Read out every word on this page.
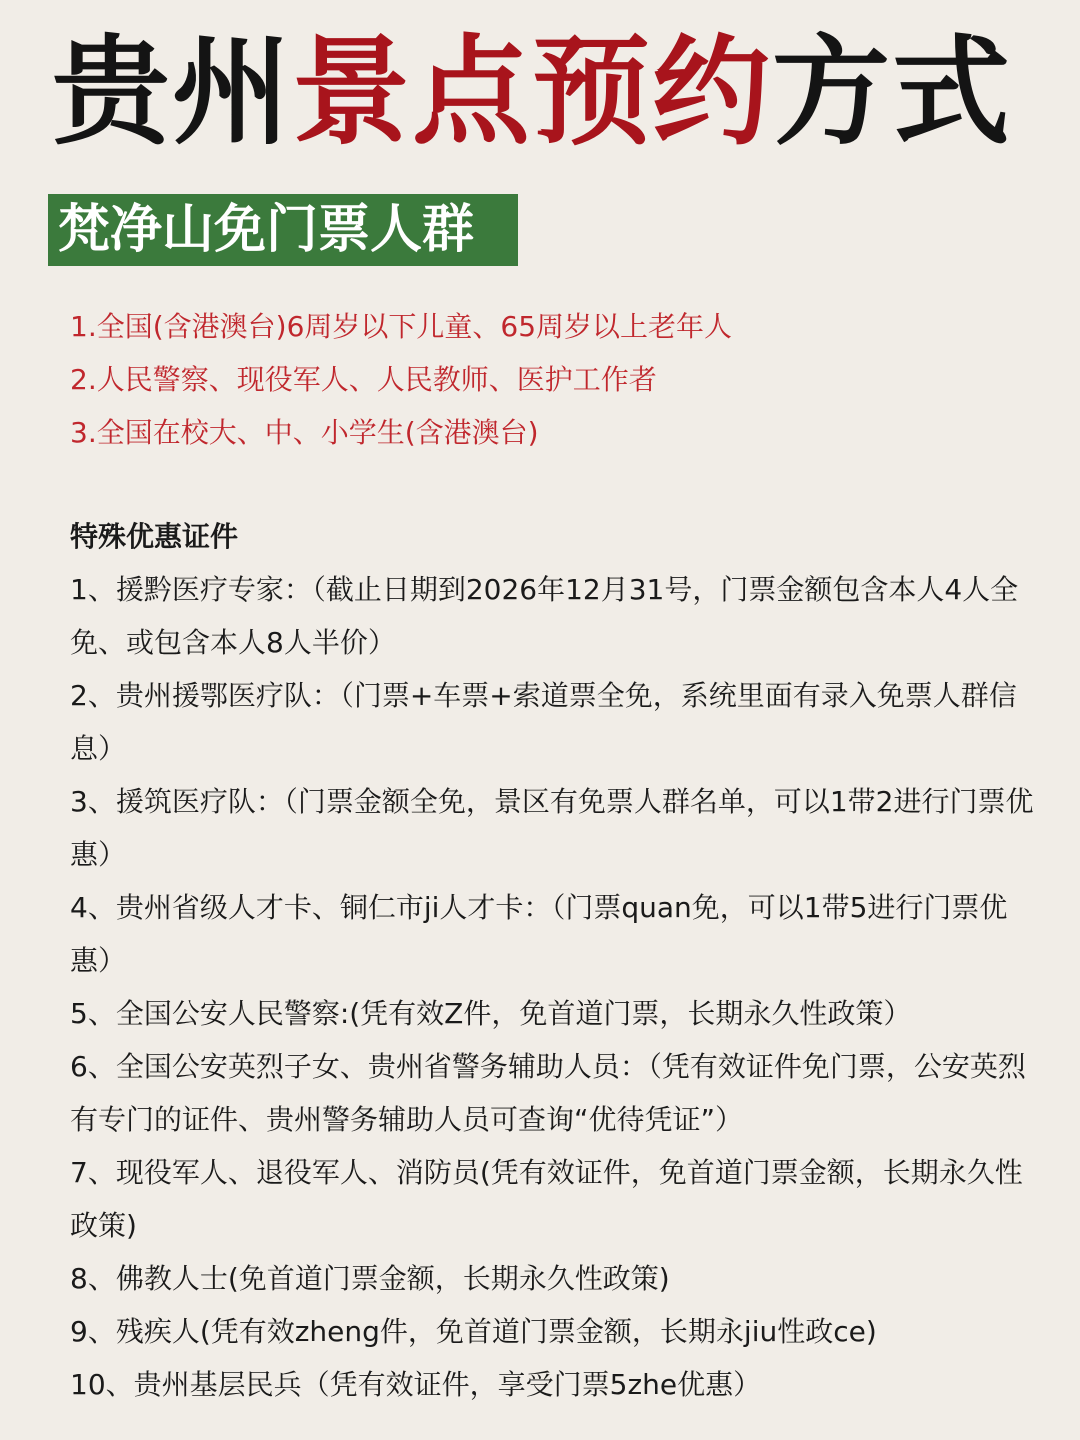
贵州景点预约方式
梵净山免门票人群
1.全国(含港澳台)6周岁以下儿童、65周岁以上老年人
2.人民警察、现役军人、人民教师、医护工作者
3.全国在校大、中、小学生(含港澳台)
特殊优惠证件
1、援黔医疗专家：（截止日期到2026年12月31号，门票金额包含本人4人全免、或包含本人8人半价）
2、贵州援鄂医疗队：（门票+车票+索道票全免，系统里面有录入免票人群信息）
3、援筑医疗队：（门票金额全免，景区有免票人群名单，可以1带2进行门票优惠）
4、贵州省级人才卡、铜仁市ji人才卡：（门票quan免，可以1带5进行门票优惠）
5、全国公安人民警察:(凭有效Z件，免首道门票，长期永久性政策）
6、全国公安英烈子女、贵州省警务辅助人员：（凭有效证件免门票，公安英烈有专门的证件、贵州警务辅助人员可查询“优待凭证”）
7、现役军人、退役军人、消防员(凭有效证件，免首道门票金额，长期永久性政策)
8、佛教人士(免首道门票金额，长期永久性政策)
9、残疾人(凭有效zheng件，免首道门票金额，长期永jiu性政ce)
10、贵州基层民兵（凭有效证件，享受门票5zhe优惠）
